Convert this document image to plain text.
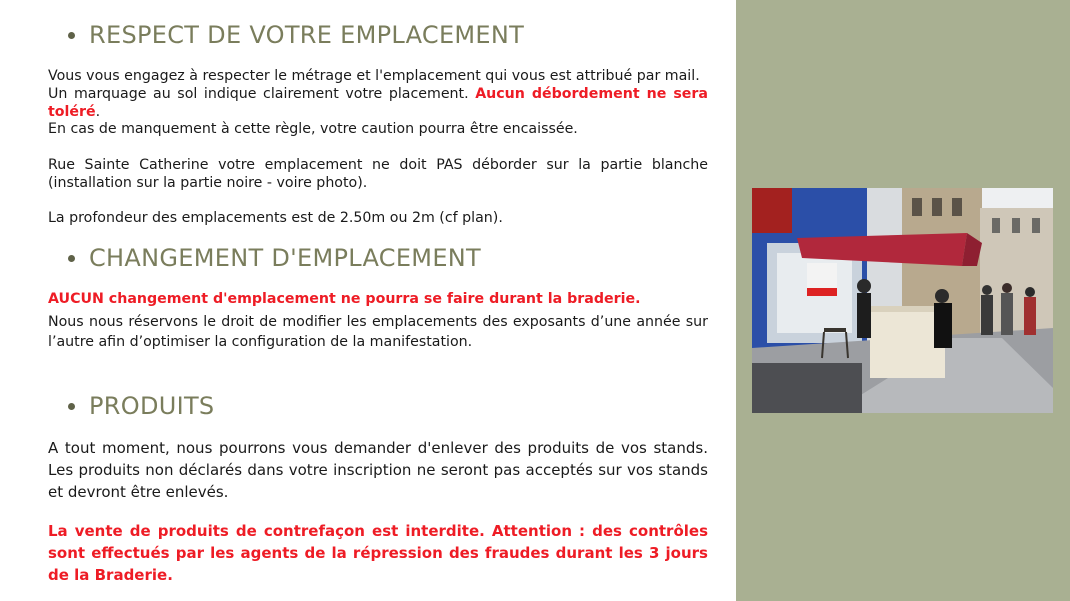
RESPECT DE VOTRE EMPLACEMENT
Vous vous engagez à respecter le métrage et l'emplacement qui vous est attribué par mail.
Un marquage au sol indique clairement votre placement. Aucun débordement ne sera toléré.
En cas de manquement à cette règle, votre caution pourra être encaissée.
Rue Sainte Catherine votre emplacement ne doit PAS déborder sur la partie blanche (installation sur la partie noire - voire photo).
La profondeur des emplacements est de 2.50m ou 2m (cf plan).
CHANGEMENT D'EMPLACEMENT
AUCUN changement d'emplacement ne pourra se faire durant la braderie.
Nous nous réservons le droit de modifier les emplacements des exposants d’une année sur l’autre afin d’optimiser la configuration de la manifestation.
PRODUITS
A tout moment, nous pourrons vous demander d'enlever des produits de vos stands. Les produits non déclarés dans votre inscription ne seront pas acceptés sur vos stands et devront être enlevés.
La vente de produits de contrefaçon est interdite. Attention : des contrôles sont effectués par les agents de la répression des fraudes durant les 3 jours de la Braderie.
